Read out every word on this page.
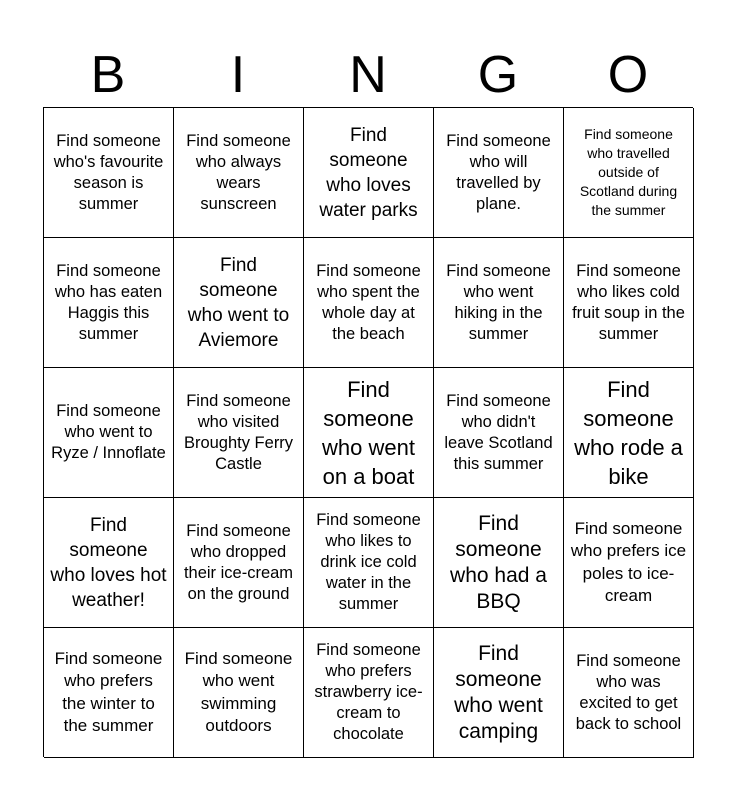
B	I	N	G	O
Find someone who's favourite season is summer
Find someone who always wears sunscreen
Find someone who loves water parks
Find someone who will travelled by plane.
Find someone who travelled outside of Scotland during the summer
Find someone who has eaten Haggis this summer
Find someone who went to Aviemore
Find someone who spent the whole day at the beach
Find someone who went hiking in the summer
Find someone who likes cold fruit soup in the summer
Find someone who went to Ryze / Innoflate
Find someone who visited Broughty Ferry Castle
Find someone who went on a boat
Find someone who didn't leave Scotland this summer
Find someone who rode a bike
Find someone who loves hot weather!
Find someone who dropped their ice-cream on the ground
Find someone who likes to drink ice cold water in the summer
Find someone who had a BBQ
Find someone who prefers ice poles to ice-cream
Find someone who prefers the winter to the summer
Find someone who went swimming outdoors
Find someone who prefers strawberry ice-cream to chocolate
Find someone who went camping
Find someone who was excited to get back to school
